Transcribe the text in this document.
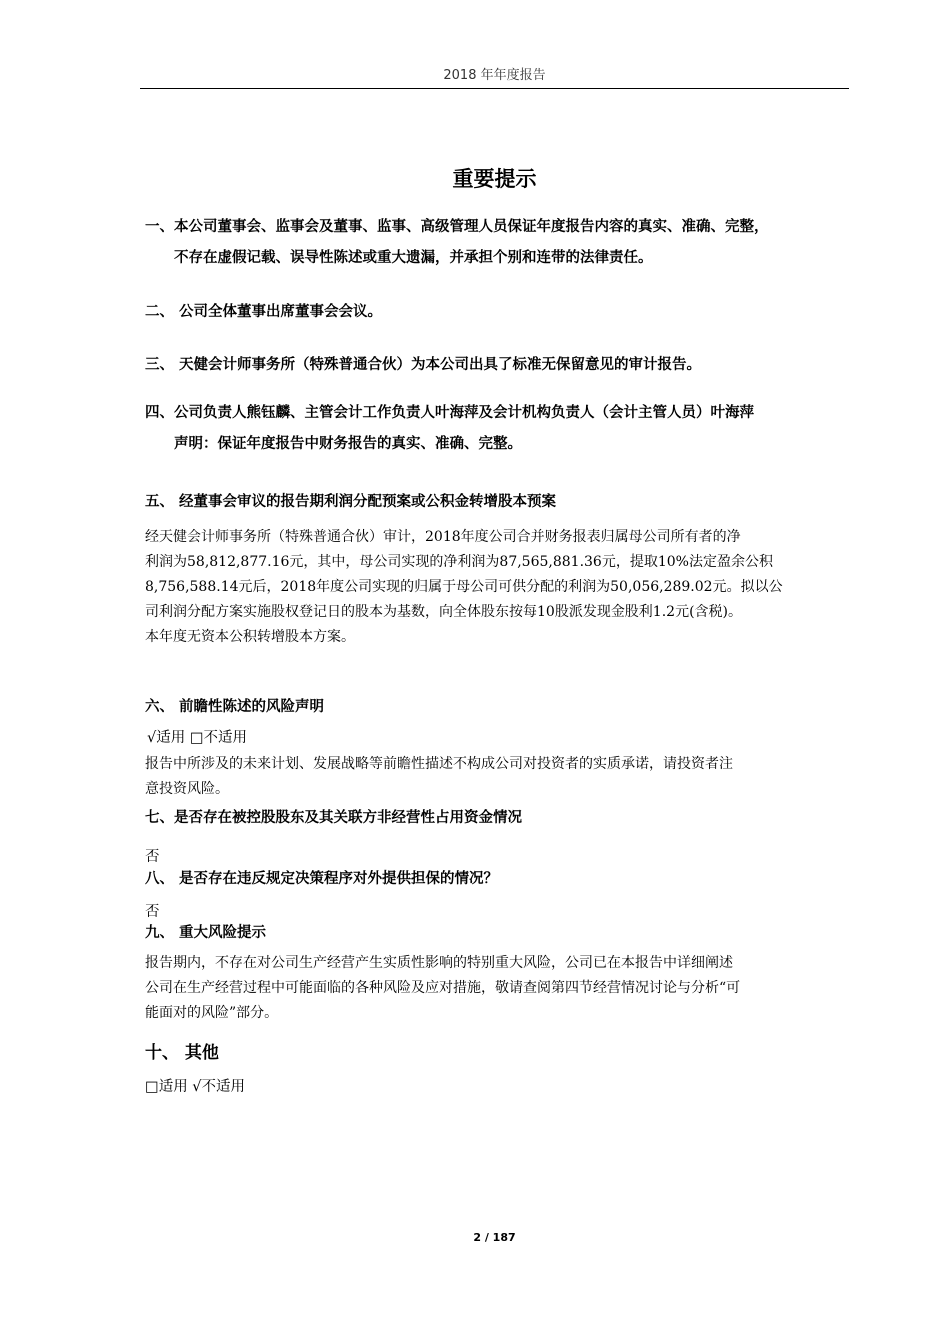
2018 年年度报告
重要提示
一、本公司董事会、监事会及董事、监事、高级管理人员保证年度报告内容的真实、准确、完整，
不存在虚假记载、误导性陈述或重大遗漏，并承担个别和连带的法律责任。
二、 公司全体董事出席董事会会议。
三、 天健会计师事务所（特殊普通合伙）为本公司出具了标准无保留意见的审计报告。
四、公司负责人熊钰麟、主管会计工作负责人叶海萍及会计机构负责人（会计主管人员）叶海萍
声明：保证年度报告中财务报告的真实、准确、完整。
五、 经董事会审议的报告期利润分配预案或公积金转增股本预案
经天健会计师事务所（特殊普通合伙）审计，2018年度公司合并财务报表归属母公司所有者的净
利润为58,812,877.16元，其中，母公司实现的净利润为87,565,881.36元，提取10%法定盈余公积
8,756,588.14元后，2018年度公司实现的归属于母公司可供分配的利润为50,056,289.02元。拟以公
司利润分配方案实施股权登记日的股本为基数，向全体股东按每10股派发现金股利1.2元(含税)。
本年度无资本公积转增股本方案。
六、 前瞻性陈述的风险声明
√适用 □不适用
报告中所涉及的未来计划、发展战略等前瞻性描述不构成公司对投资者的实质承诺，请投资者注
意投资风险。
七、是否存在被控股股东及其关联方非经营性占用资金情况
否
八、 是否存在违反规定决策程序对外提供担保的情况？
否
九、 重大风险提示
报告期内，不存在对公司生产经营产生实质性影响的特别重大风险，公司已在本报告中详细阐述
公司在生产经营过程中可能面临的各种风险及应对措施，敬请查阅第四节经营情况讨论与分析“可
能面对的风险”部分。
十、 其他
□适用 √不适用
2 / 187
